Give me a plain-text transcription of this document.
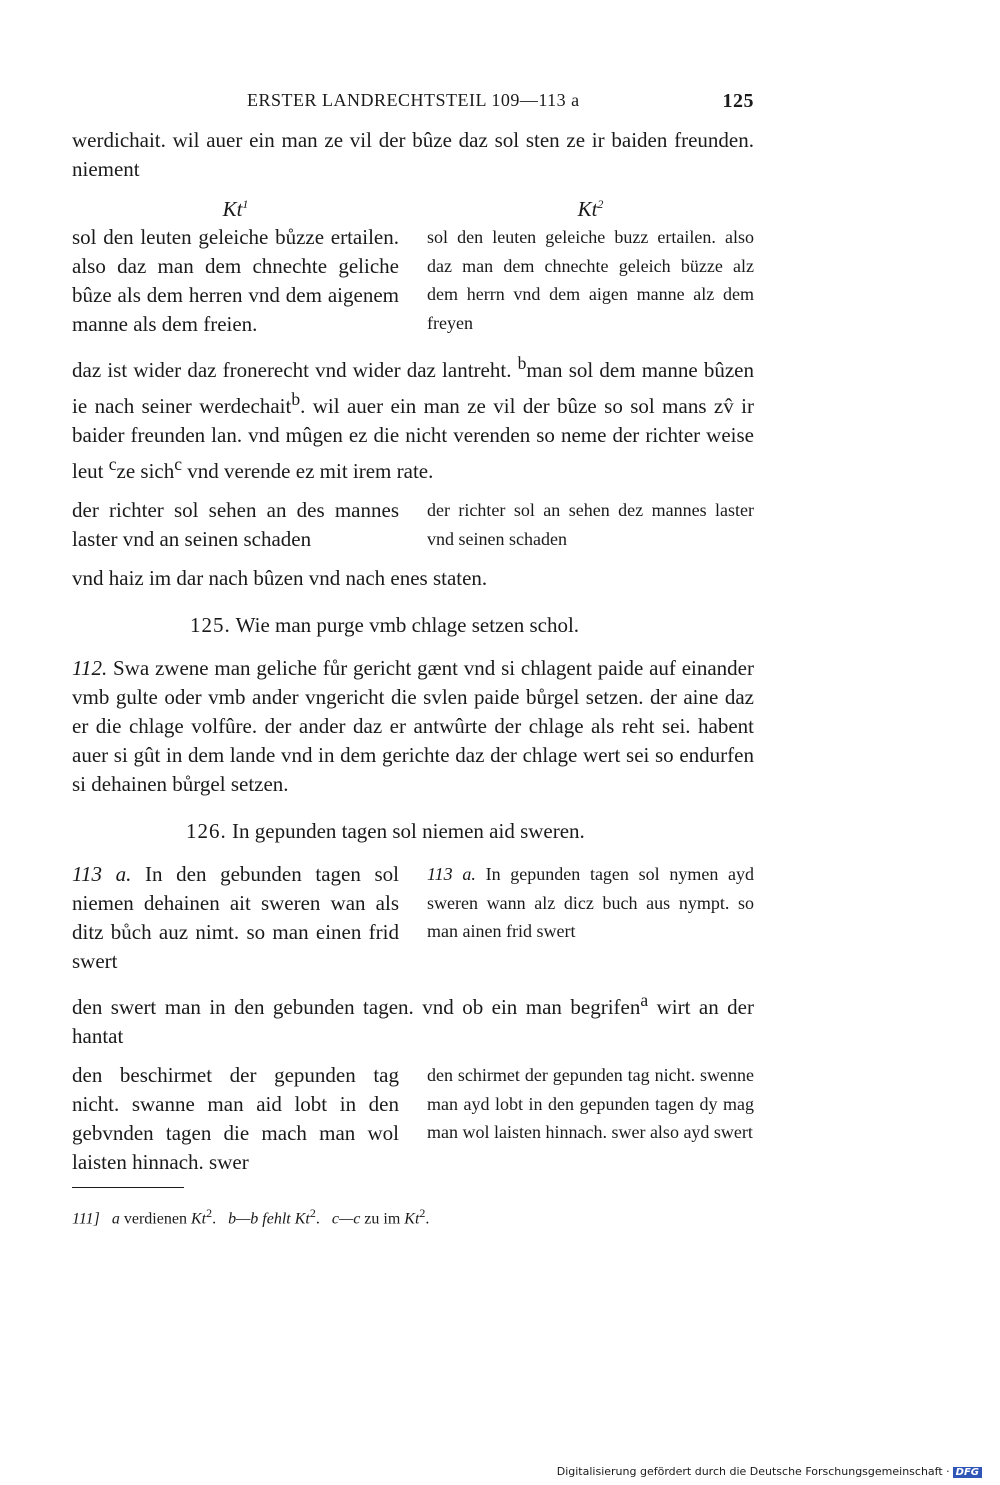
ERSTER LANDRECHTSTEIL 109—113 a	125

werdichait. wil auer ein man ze vil der bûze daz sol sten ze ir baiden freunden. niement

Kt$^1$	Kt$^2$
sol den leuten geleiche bůzze ertailen. also daz man dem chnechte geliche bûze als dem herren vnd dem aigenem manne als dem freien.
sol den leuten geleiche buzz ertailen. also daz man dem chnechte geleich büzze alz dem herrn vnd dem aigen manne alz dem freyen

daz ist wider daz fronerecht vnd wider daz lantreht. $^b$man sol dem manne bûzen ie nach seiner werdechait$^b$. wil auer ein man ze vil der bûze so sol mans zv̂ ir baider freunden lan. vnd mûgen ez die nicht verenden so neme der richter weise leut $^c$ze sich$^c$ vnd verende ez mit irem rate.

der richter sol sehen an des mannes laster vnd an seinen schaden
der richter sol an sehen dez mannes laster vnd seinen schaden

vnd haiz im dar nach bûzen vnd nach enes staten.

125. Wie man purge vmb chlage setzen schol.

112. Swa zwene man geliche fůr gericht gænt vnd si chlagent paide auf einander vmb gulte oder vmb ander vngericht die svlen paide bůrgel setzen. der aine daz er die chlage volfûre. der ander daz er antwûrte der chlage als reht sei. habent auer si gût in dem lande vnd in dem gerichte daz der chlage wert sei so endurfen si dehainen bůrgel setzen.

126. In gepunden tagen sol niemen aid sweren.
113 a. In den gebunden tagen sol niemen dehainen ait sweren wan als ditz bůch auz nimt. so man einen frid swert
113 a. In gepunden tagen sol nymen ayd sweren wann alz dicz buch aus nympt. so man ainen frid swert

den swert man in den gebunden tagen. vnd ob ein man begrifen$^a$ wirt an der hantat

den beschirmet der gepunden tag nicht. swanne man aid lobt in den gebvnden tagen die mach man wol laisten hinnach. swer
den schirmet der gepunden tag nicht. swenne man ayd lobt in den gepunden tagen dy mag man wol laisten hinnach. swer also ayd swert
111] a verdienen Kt$^2$. b—b fehlt Kt$^2$. c—c zu im Kt$^2$.
Digitalisierung gefördert durch die Deutsche Forschungsgemeinschaft · DFG
